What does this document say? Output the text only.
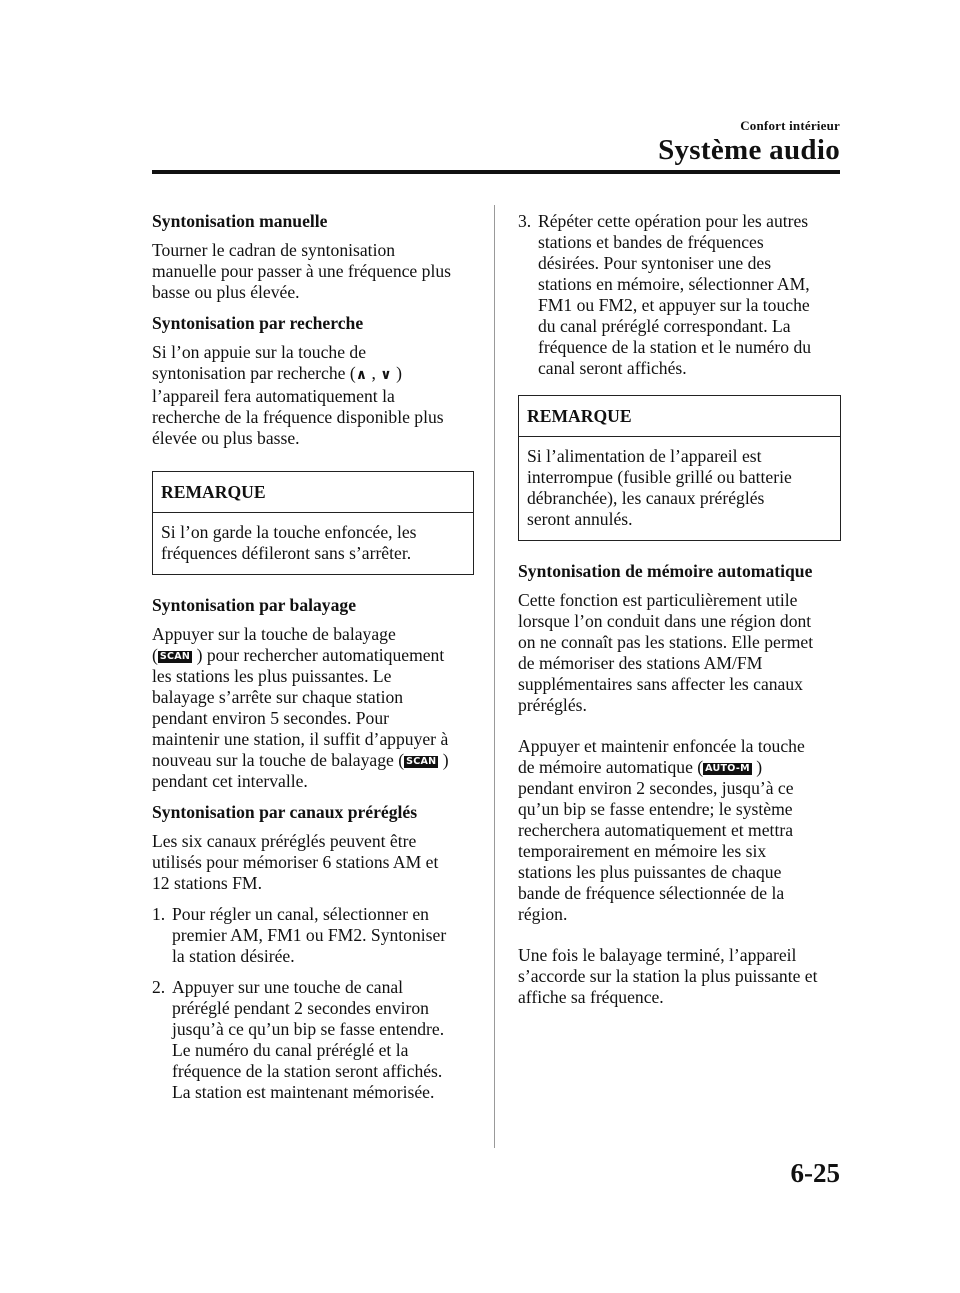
Confort intérieur
Système audio
Syntonisation manuelle
Tourner le cadran de syntonisation
manuelle pour passer à une fréquence plus
basse ou plus élevée.
Syntonisation par recherche
Si l’on appuie sur la touche de
syntonisation par recherche (∧ , ∨ )
l’appareil fera automatiquement la
recherche de la fréquence disponible plus
élevée ou plus basse.
REMARQUE
Si l’on garde la touche enfoncée, les
fréquences défileront sans s’arrêter.
Syntonisation par balayage
Appuyer sur la touche de balayage
( SCAN ) pour rechercher automatiquement
les stations les plus puissantes. Le
balayage s’arrête sur chaque station
pendant environ 5 secondes. Pour
maintenir une station, il suffit d’appuyer à
nouveau sur la touche de balayage ( SCAN )
pendant cet intervalle.
Syntonisation par canaux préréglés
Les six canaux préréglés peuvent être
utilisés pour mémoriser 6 stations AM et
12 stations FM.
1. Pour régler un canal, sélectionner en
premier AM, FM1 ou FM2. Syntoniser
la station désirée.
2. Appuyer sur une touche de canal
préréglé pendant 2 secondes environ
jusqu’à ce qu’un bip se fasse entendre.
Le numéro du canal préréglé et la
fréquence de la station seront affichés.
La station est maintenant mémorisée.
3. Répéter cette opération pour les autres
stations et bandes de fréquences
désirées. Pour syntoniser une des
stations en mémoire, sélectionner AM,
FM1 ou FM2, et appuyer sur la touche
du canal préréglé correspondant. La
fréquence de la station et le numéro du
canal seront affichés.
REMARQUE
Si l’alimentation de l’appareil est
interrompue (fusible grillé ou batterie
débranchée), les canaux préréglés
seront annulés.
Syntonisation de mémoire automatique
Cette fonction est particulièrement utile
lorsque l’on conduit dans une région dont
on ne connaît pas les stations. Elle permet
de mémoriser des stations AM/FM
supplémentaires sans affecter les canaux
préréglés.
Appuyer et maintenir enfoncée la touche
de mémoire automatique ( AUTO-M )
pendant environ 2 secondes, jusqu’à ce
qu’un bip se fasse entendre; le système
recherchera automatiquement et mettra
temporairement en mémoire les six
stations les plus puissantes de chaque
bande de fréquence sélectionnée de la
région.
Une fois le balayage terminé, l’appareil
s’accorde sur la station la plus puissante et
affiche sa fréquence.
6-25
